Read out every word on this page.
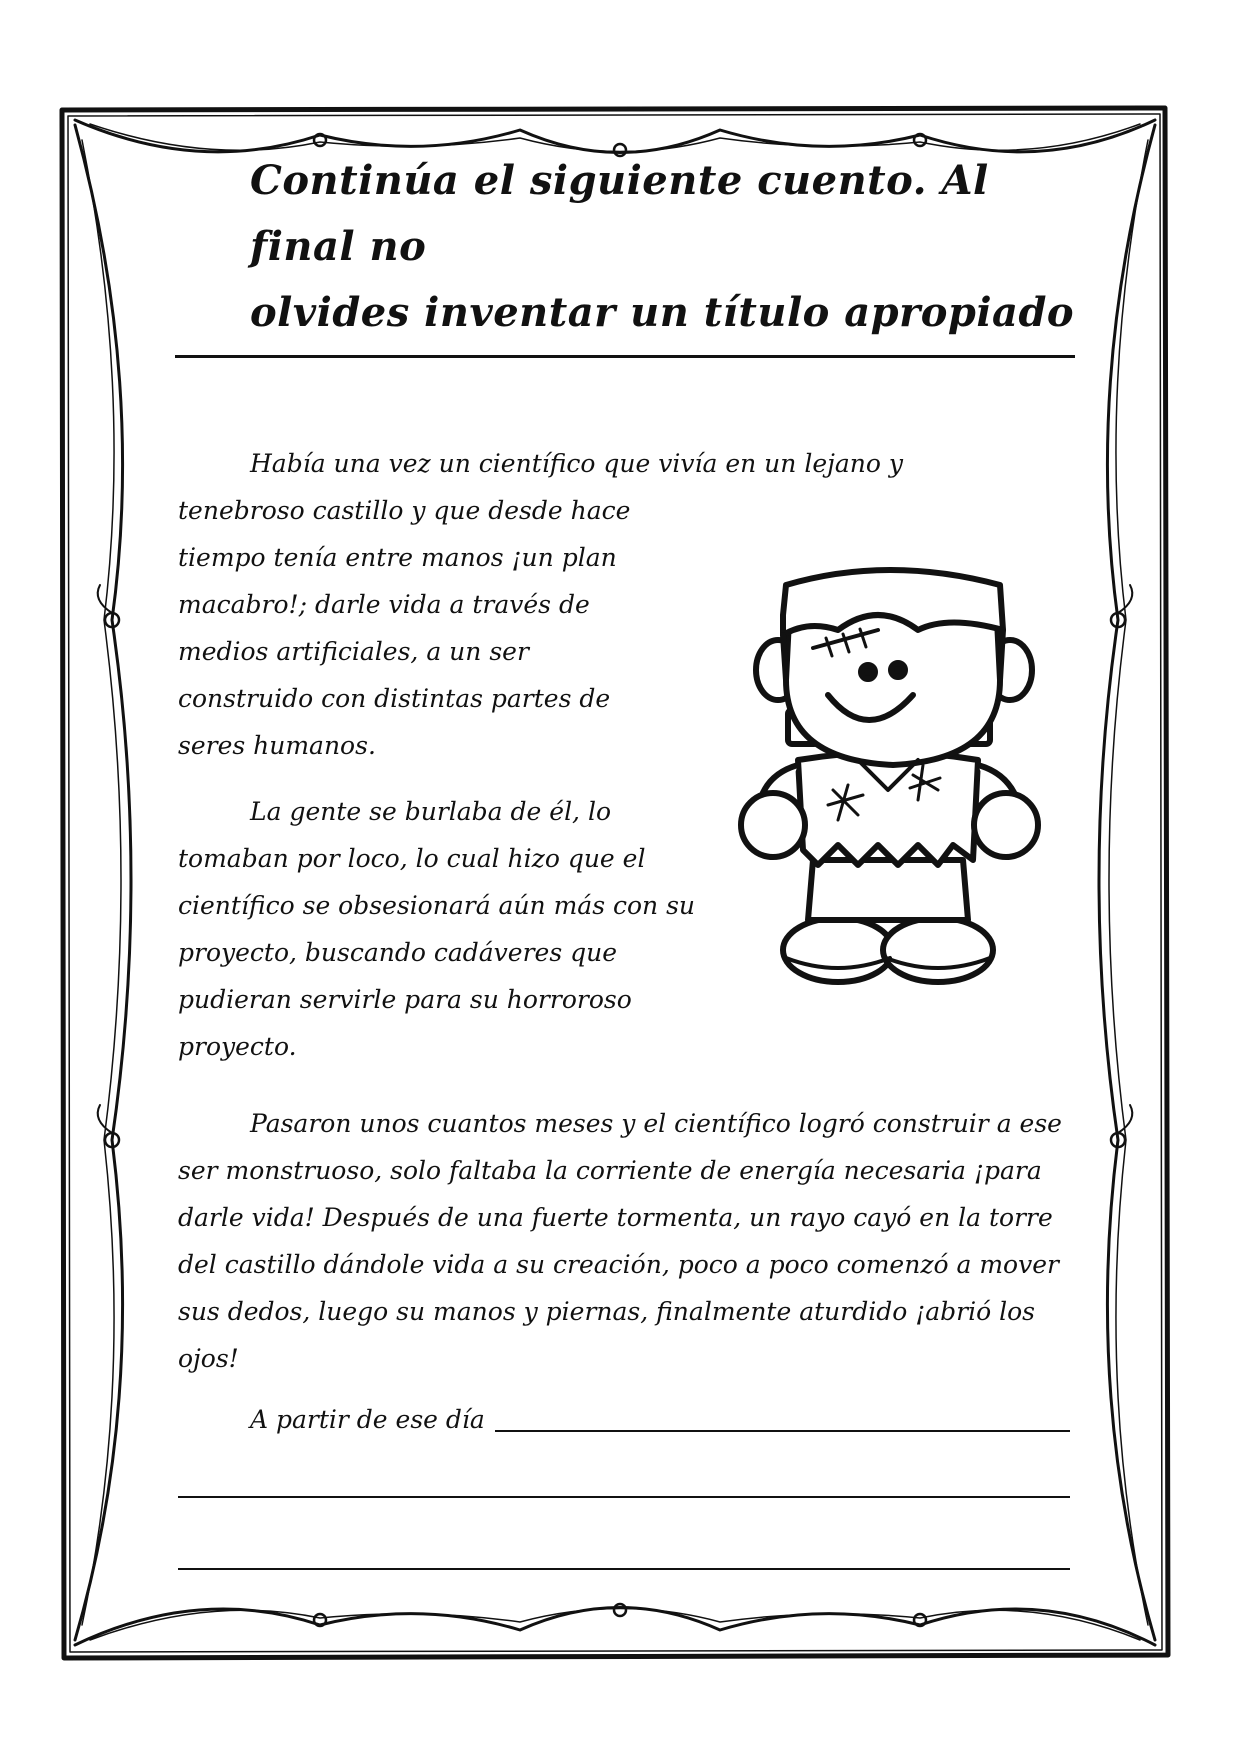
Continúa el siguiente cuento. Al final no
olvides inventar un título apropiado

Había una vez un científico que vivía en un lejano y
tenebroso castillo y que desde hace tiempo tenía entre manos ¡un plan macabro!; darle vida a través de medios artificiales, a un ser construido con distintas partes de seres humanos.

La gente se burlaba de él, lo tomaban por loco, lo cual hizo que el científico se obsesionará aún más con su proyecto, buscando cadáveres que pudieran servirle para su horroroso proyecto.

Pasaron unos cuantos meses y el científico logró construir a ese ser monstruoso, solo faltaba la corriente de energía necesaria ¡para darle vida! Después de una fuerte tormenta, un rayo cayó en la torre del castillo dándole vida a su creación, poco a poco comenzó a mover sus dedos, luego su manos y piernas, finalmente aturdido ¡abrió los ojos!

A partir de ese día
